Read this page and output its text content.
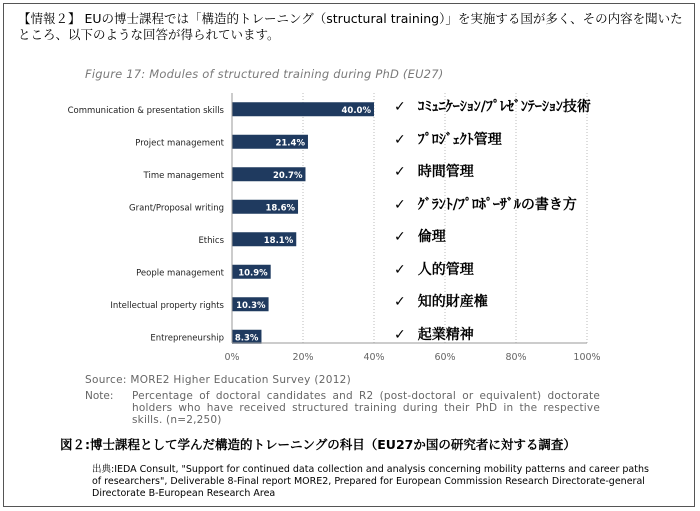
【情報２】 EUの博士課程では「構造的トレーニング（structural training）」を実施する国が多く、その内容を聞いたところ、以下のような回答が得られています。
Figure 17: Modules of structured training during PhD (EU27)
40.0%
21.4%
20.7%
18.6%
18.1%
10.9%
10.3%
8.3%
Communication & presentation skills
Project management
Time management
Grant/Proposal writing
Ethics
People management
Intellectual property rights
Entrepreneurship
0%	20%	40%	60%	80%	100%
✓ ｺﾐｭﾆｹｰｼｮﾝ/ﾌﾟﾚｾﾞﾝﾃｰｼｮﾝ技術
✓ ﾌﾟﾛｼﾞｪｸﾄ管理
✓ 時間管理
✓ ｸﾞﾗﾝﾄ/ﾌﾟﾛﾎﾟｰｻﾞﾙの書き方
✓ 倫理
✓ 人的管理
✓ 知的財産権
✓ 起業精神
Source: MORE2 Higher Education Survey (2012)
Note: Percentage of doctoral candidates and R2 (post-doctoral or equivalent) doctorate holders who have received structured training during their PhD in the respective skills. (n=2,250)
図２:博士課程として学んだ構造的トレーニングの科目（EU27か国の研究者に対する調査）
出典:IEDA Consult, "Support for continued data collection and analysis concerning mobility patterns and career paths of researchers", Deliverable 8-Final report MORE2, Prepared for European Commission Research Directorate-general Directorate B-European Research Area
